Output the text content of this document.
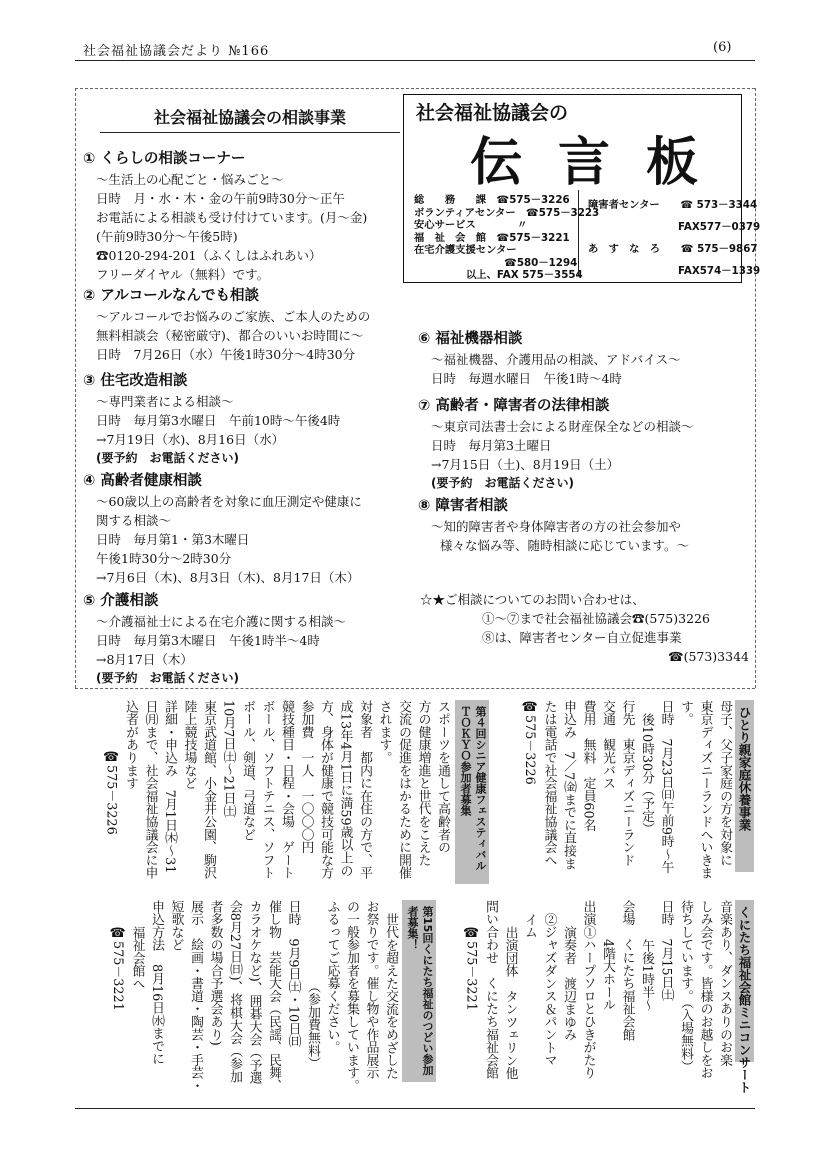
社会福祉協議会だより №166	(6)
社会福祉協議会の相談事業
① くらしの相談コーナー
～生活上の心配ごと・悩みごと～
日時　月・水・木・金の午前9時30分～正午
お電話による相談も受け付けています。(月～金)
(午前9時30分～午後5時)
☎0120-294-201（ふくしはふれあい）
フリーダイヤル（無料）です。
② アルコールなんでも相談
～アルコールでお悩みのご家族、ご本人のための
無料相談会（秘密厳守)、都合のいいお時間に～
日時　7月26日（水）午後1時30分～4時30分
③ 住宅改造相談
～専門業者による相談～
日時　毎月第3水曜日　午前10時～午後4時
→7月19日（水)、8月16日（水）
(要予約　お電話ください)
④ 高齢者健康相談
～60歳以上の高齢者を対象に血圧測定や健康に
関する相談～
日時　毎月第1・第3木曜日
午後1時30分～2時30分
→7月6日（木)、8月3日（木)、8月17日（木）
⑤ 介護相談
～介護福祉士による在宅介護に関する相談～
日時　毎月第3木曜日　午後1時半～4時
→8月17日（木）
(要予約　お電話ください)
社会福祉協議会の
伝言板
総　　務　　課　☎575－3226
ボランティアセンター　☎575－3223
安心サービス　　　　〃
福　祉　会　館　☎575－3221
在宅介護支援センター
☎580－1294
以上、FAX 575－3554
障害者センター　　☎ 573－3344
FAX577－0379
あ　す　な　ろ　　☎ 575－9867
FAX574－1339
⑥ 福祉機器相談
～福祉機器、介護用品の相談、アドバイス～
日時　毎週水曜日　午後1時～4時
⑦ 高齢者・障害者の法律相談
～東京司法書士会による財産保全などの相談～
日時　毎月第3土曜日
→7月15日（土)、8月19日（土）
(要予約　お電話ください)
⑧ 障害者相談
～知的障害者や身体障害者の方の社会参加や
様々な悩み等、随時相談に応じています。～
☆★ご相談についてのお問い合わせは、
①～⑦まで社会福祉協議会☎(575)3226
⑧は、障害者センター自立促進事業
☎(573)3344
ひとり親家庭休養事業
母子、父子家庭の方を対象に
東京ディズニーランドへいきま
す。
日時　7月23日㈰午前9時～午
後10時30分（予定）
行先　東京ディズニーランド
交通　観光バス
費用　無料　定員60名
申込み　7／7㈮までに直接ま
たは電話で社会福祉協議会へ
☎575－3226
第４回シニア健康フェスティバルＴＯＫＹＯ参加者募集
スポーツを通して高齢者の
方の健康増進と世代をこえた
交流の促進をはかるために開催
されます。
対象者　都内に在住の方で、平
成13年4月1日に満59歳以上の
方、身体が健康で競技可能な方
参加費　一人　一〇〇〇円
競技種目・日程・会場　ゲート
ボール、ソフトテニス、ソフト
ボール、剣道、弓道など
10月7日㈯～21日㈯
東京武道館、小金井公園、駒沢
陸上競技場など
詳細・申込み　7月1日㈭～31
日㈪まで、社会福祉協議会に申
込者があります
☎575－3226
くにたち福祉会館ミニコンサート
音楽あり、ダンスありのお楽
しみ会です。皆様のお越しをお
待ちしています。（入場無料）
日時　7月15日㈯
午後1時半～
会場　くにたち福祉会館
4階大ホール
出演①ハープソロとひきがたり
演奏者　渡辺まゆみ
②ジャズダンス＆パントマ
イム
出演団体　タンツェリン他
問い合わせ　くにたち福祉会館
☎575－3221
第15回くにたち福祉のつどい参加者募集！
世代を超えた交流をめざした
お祭りです。催し物や作品展示
の一般参加者を募集しています。
ふるってご応募ください。
（参加費無料）
日時　9月9日㈯・10日㈰
催し物　芸能大会（民謡、民舞、
カラオケなど)、囲碁大会（予選
会8月27日㈰)、将棋大会（参加
者多数の場合予選会あり)
展示　絵画・書道・陶芸・手芸・
短歌など
申込方法　8月16日㈬までに
福祉会館へ
☎575－3221
